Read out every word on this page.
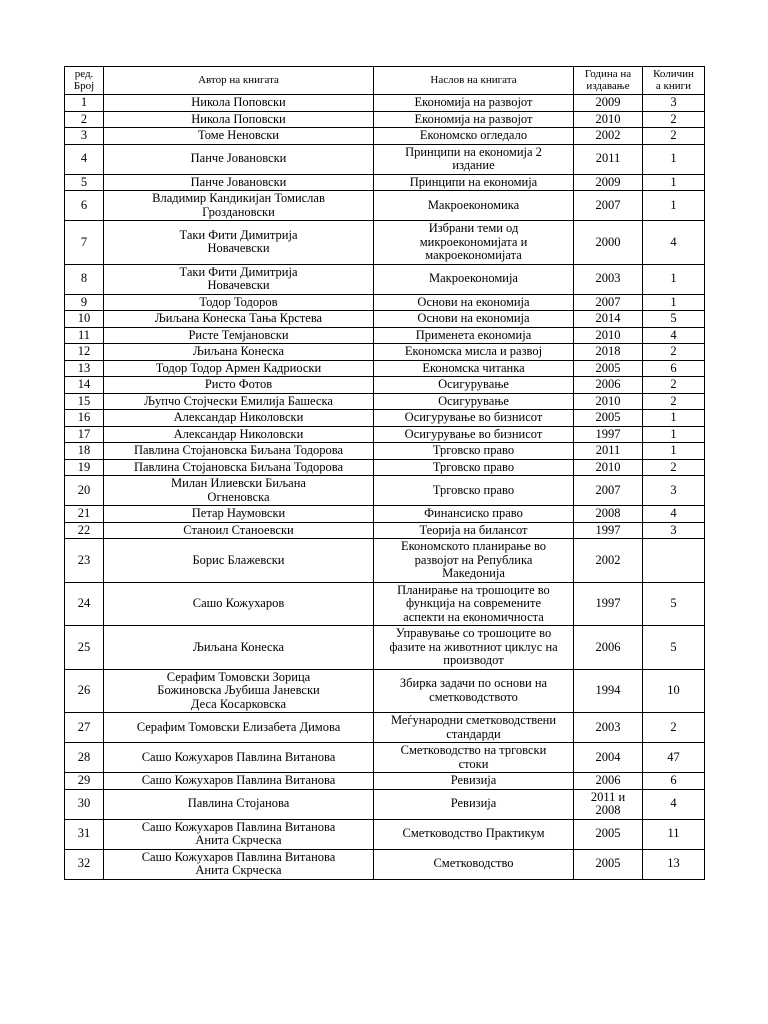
ред.
Број	Автор на книгата	Наслов на книгата	Година на
издавање	Количин
а книги
1	Никола Поповски	Економија на развојот	2009	3
2	Никола Поповски	Економија на развојот	2010	2
3	Томе Неновски	Економско огледало	2002	2
4	Панче Јовановски	Принципи на економија 2
издание	2011	1
5	Панче Јовановски	Принципи на економија	2009	1
6	Владимир Кандикијан Томислав
Гроздановски	Макроекономика	2007	1
7	Таки Фити Димитрија
Новачевски	Избрани теми од
микроекономијата и
макроекономијата	2000	4
8	Таки Фити Димитрија
Новачевски	Макроекономија	2003	1
9	Тодор Тодоров	Основи на економија	2007	1
10	Љиљана Конеска Тања Крстева	Основи на економија	2014	5
11	Ристе Темјановски	Применета економија	2010	4
12	Љиљана Конеска	Економска мисла и развој	2018	2
13	Тодор Тодор Армен Кадриоски	Економска читанка	2005	6
14	Ристо Фотов	Осигурување	2006	2
15	Љупчо Стојчески Емилија Башеска	Осигурување	2010	2
16	Александар Николовски	Осигурување во бизнисот	2005	1
17	Александар Николовски	Осигурување во бизнисот	1997	1
18	Павлина Стојановска Биљана Тодорова	Трговско право	2011	1
19	Павлина Стојановска Биљана Тодорова	Трговско право	2010	2
20	Милан Илиевски Биљана
Огненовска	Трговско право	2007	3
21	Петар Наумовски	Финансиско право	2008	4
22	Станоил Станоевски	Теорија на билансот	1997	3
23	Борис Блажевски	Економското планирање во
развојот на Република
Македонија	2002	
24	Сашо Кожухаров	Планирање на трошоците во
функција на современите
аспекти на економичноста	1997	5
25	Љиљана Конеска	Управување со трошоците во
фазите на животниот циклус на
производот	2006	5
26	Серафим Томовски Зорица
Божиновска Љубиша Јаневски
Деса Косарковска	Збирка задачи по основи на
сметководството	1994	10
27	Серафим Томовски Елизабета Димова	Меѓународни сметководствени
стандарди	2003	2
28	Сашо Кожухаров Павлина Витанова	Сметководство на трговски
стоки	2004	47
29	Сашо Кожухаров Павлина Витанова	Ревизија	2006	6
30	Павлина Стојанова	Ревизија	2011 и
2008	4
31	Сашо Кожухаров Павлина Витанова
Анита Скрческа	Сметководство Практикум	2005	11
32	Сашо Кожухаров Павлина Витанова
Анита Скрческа	Сметководство	2005	13
